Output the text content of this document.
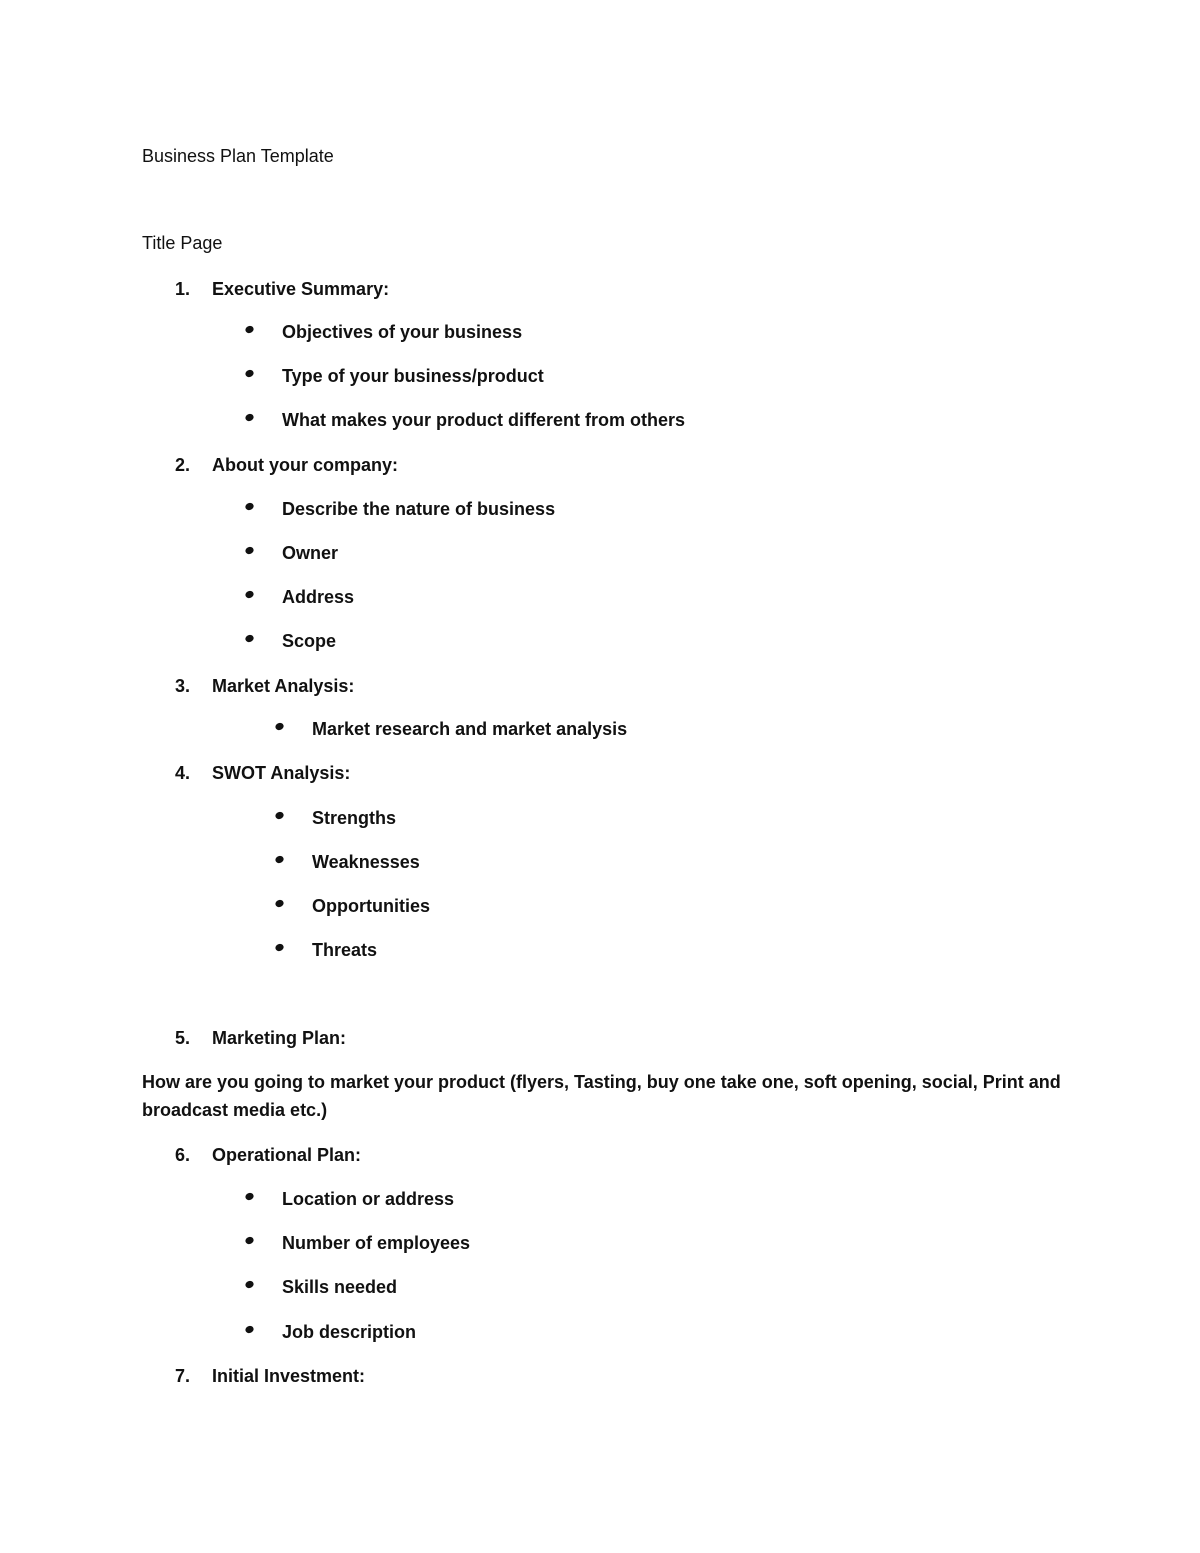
Business Plan Template
Title Page
1. Executive Summary:
Objectives of your business
Type of your business/product
What makes your product different from others
2. About your company:
Describe the nature of business
Owner
Address
Scope
3. Market Analysis:
Market research and market analysis
4. SWOT Analysis:
Strengths
Weaknesses
Opportunities
Threats
5. Marketing Plan:
How are you going to market your product (flyers, Tasting, buy one take one, soft opening, social, Print and broadcast media etc.)
6. Operational Plan:
Location or address
Number of employees
Skills needed
Job description
7. Initial Investment:
